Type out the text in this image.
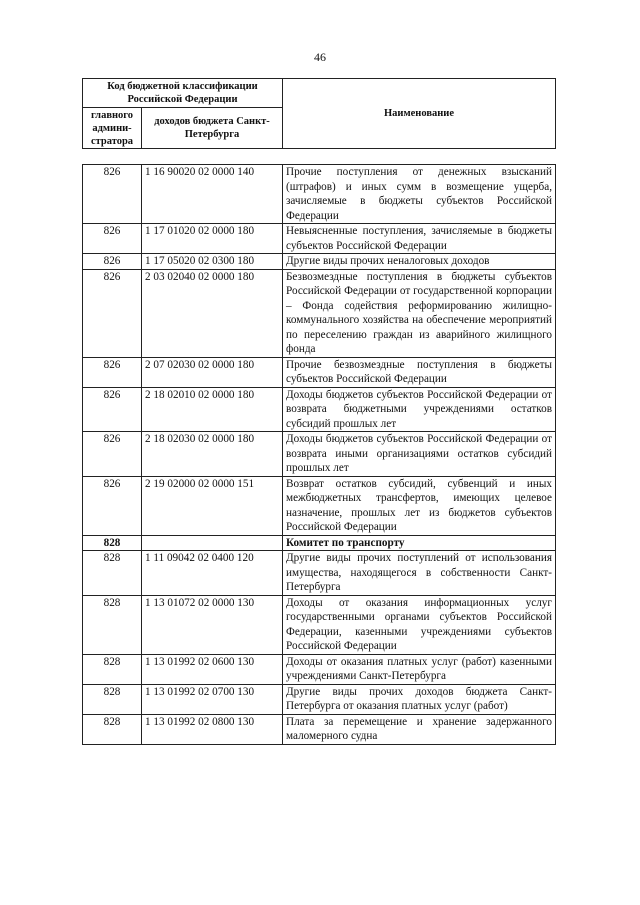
46
Код бюджетной классификации Российской Федерации		Наименование
главного админи-стратора	доходов бюджета Санкт-Петербурга	
826	1 16 90020 02 0000 140	Прочие поступления от денежных взысканий (штрафов) и иных сумм в возмещение ущерба, зачисляемые в бюджеты субъектов Российской Федерации
826	1 17 01020 02 0000 180	Невыясненные поступления, зачисляемые в бюджеты субъектов Российской Федерации
826	1 17 05020 02 0300 180	Другие виды прочих неналоговых доходов
826	2 03 02040 02 0000 180	Безвозмездные поступления в бюджеты субъектов Российской Федерации от государственной корпорации – Фонда содействия реформированию жилищно-коммунального хозяйства на обеспечение мероприятий по переселению граждан из аварийного жилищного фонда
826	2 07 02030 02 0000 180	Прочие безвозмездные поступления в бюджеты субъектов Российской Федерации
826	2 18 02010 02 0000 180	Доходы бюджетов субъектов Российской Федерации от возврата бюджетными учреждениями остатков субсидий прошлых лет
826	2 18 02030 02 0000 180	Доходы бюджетов субъектов Российской Федерации от возврата иными организациями остатков субсидий прошлых лет
826	2 19 02000 02 0000 151	Возврат остатков субсидий, субвенций и иных межбюджетных трансфертов, имеющих целевое назначение, прошлых лет из бюджетов субъектов Российской Федерации
828		Комитет по транспорту
828	1 11 09042 02 0400 120	Другие виды прочих поступлений от использования имущества, находящегося в собственности Санкт-Петербурга
828	1 13 01072 02 0000 130	Доходы от оказания информационных услуг государственными органами субъектов Российской Федерации, казенными учреждениями субъектов Российской Федерации
828	1 13 01992 02 0600 130	Доходы от оказания платных услуг (работ) казенными учреждениями Санкт-Петербурга
828	1 13 01992 02 0700 130	Другие виды прочих доходов бюджета Санкт-Петербурга от оказания платных услуг (работ)
828	1 13 01992 02 0800 130	Плата за перемещение и хранение задержанного маломерного судна
